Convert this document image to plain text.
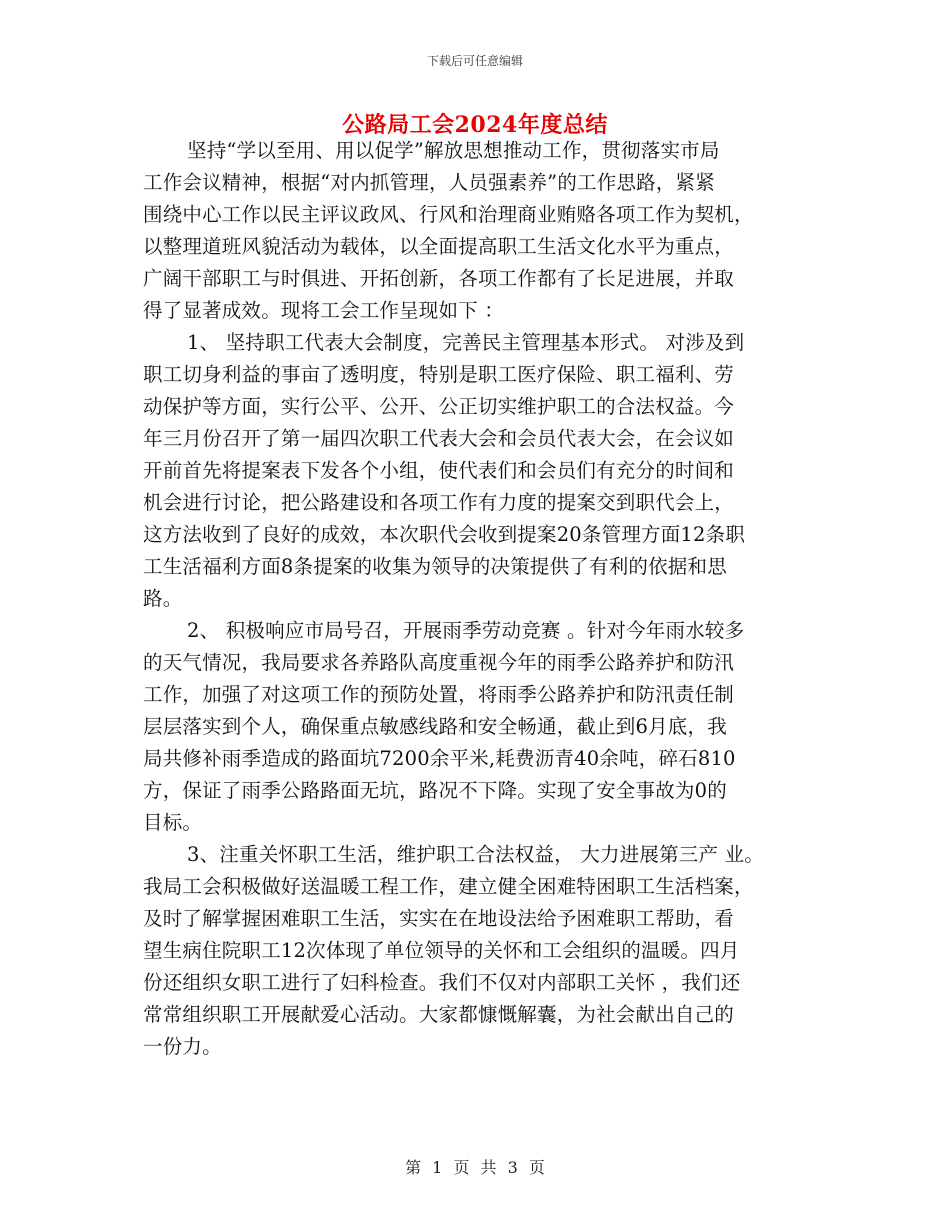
下载后可任意编辑
公路局工会2024年度总结
坚持“学以至用、用以促学”解放思想推动工作，贯彻落实市局
工作会议精神，根据“对内抓管理，人员强素养”的工作思路，紧紧
围绕中心工作以民主评议政风、行风和治理商业贿赂各项工作为契机，
以整理道班风貌活动为载体，以全面提高职工生活文化水平为重点，
广阔干部职工与时俱进、开拓创新，各项工作都有了长足进展，并取
得了显著成效。现将工会工作呈现如下 ：
1、 坚持职工代表大会制度，完善民主管理基本形式。 对涉及到
职工切身利益的事亩了透明度，特别是职工医疗保险、职工福利、劳
动保护等方面，实行公平、公开、公正切实维护职工的合法权益。今
年三月份召开了第一届四次职工代表大会和会员代表大会，在会议如
开前首先将提案表下发各个小组，使代表们和会员们有充分的时间和
机会进行讨论，把公路建设和各项工作有力度的提案交到职代会上，
这方法收到了良好的成效，本次职代会收到提案20条管理方面12条职
工生活福利方面8条提案的收集为领导的决策提供了有利的依据和思
路。
2、 积极响应市局号召，开展雨季劳动竞赛 。针对今年雨水较多
的天气情况，我局要求各养路队高度重视今年的雨季公路养护和防汛
工作，加强了对这项工作的预防处置，将雨季公路养护和防汛责任制
层层落实到个人，确保重点敏感线路和安全畅通，截止到6月底，我
局共修补雨季造成的路面坑7200余平米,耗费沥青40余吨，碎石810
方，保证了雨季公路路面无坑，路况不下降。实现了安全事故为0的
目标。
3、注重关怀职工生活，维护职工合法权益， 大力进展第三产 业。
我局工会积极做好送温暖工程工作，建立健全困难特困职工生活档案，
及时了解掌握困难职工生活，实实在在地设法给予困难职工帮助，看
望生病住院职工12次体现了单位领导的关怀和工会组织的温暖。四月
份还组织女职工进行了妇科检查。我们不仅对内部职工关怀 ，我们还
常常组织职工开展献爱心活动。大家都慷慨解囊，为社会献出自己的
一份力。
第 1 页 共 3 页
